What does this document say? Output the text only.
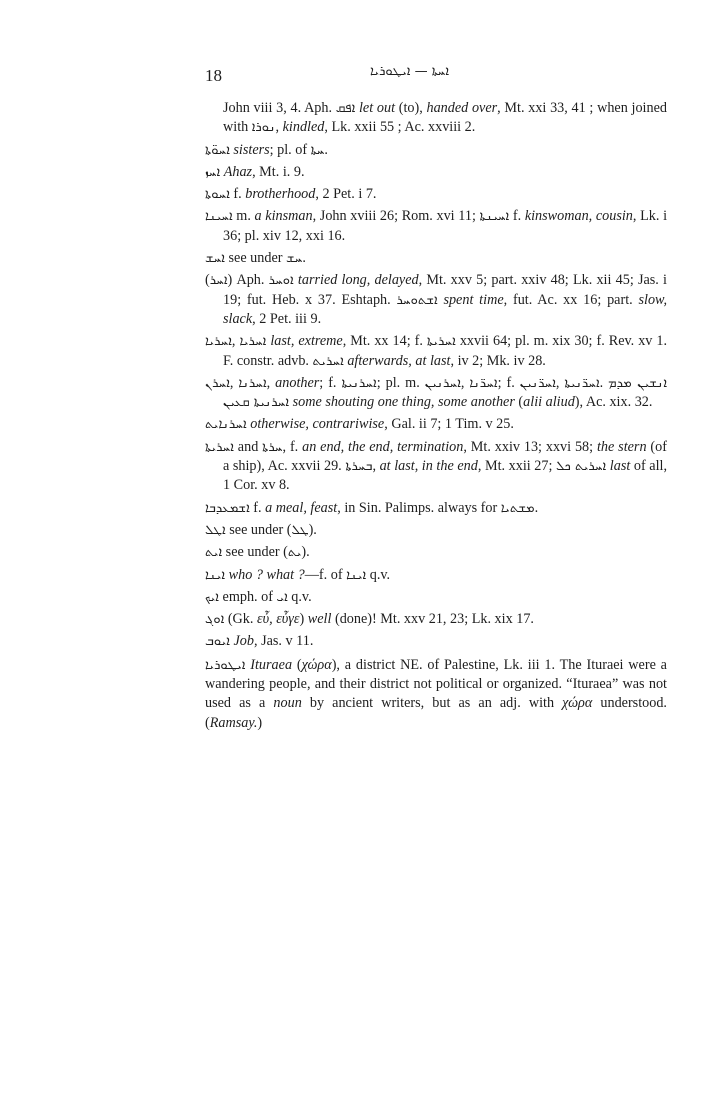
18	ܐܚܬܐ — ܐܝܛܘܪܝܐ

John viii 3, 4. Aph. ܐܦܩ let out (to), handed over, Mt. xxi 33, 41 ; when joined with ܢܘܪܐ, kindled, Lk. xxii 55 ; Ac. xxviii 2.

ܐܚܘ̈ܬܐ sisters; pl. of ܚܬܐ.

ܐܚܙ Ahaz, Mt. i. 9.

ܐܚܘܬܐ f. brotherhood, 2 Pet. i 7.

ܐܚܝܢܐ m. a kinsman, John xviii 26; Rom. xvi 11; ܐܚܝܢܬܐ f. kinswoman, cousin, Lk. i 36; pl. xiv 12, xxi 16.

ܐܚܫ see under ܚܫ.

(ܐܚܪ) Aph. ܐܘܚܪ tarried long, delayed, Mt. xxv 5; part. xxiv 48; Lk. xii 45; Jas. i 19; fut. Heb. x 37. Eshtaph. ܐܫܬܘܚܪ spent time, fut. Ac. xx 16; part. slow, slack, 2 Pet. iii 9.

ܐܚܪܝܐ, ܐܚܪܝܐ last, extreme, Mt. xx 14; f. ܐܚܪܝܬܐ xxvii 64; pl. m. xix 30; f. Rev. xv 1. F. constr. advb. ܐܚܪܝܬ afterwards, at last, iv 2; Mk. iv 28.

ܐܚܪܢ, ܐܚܪܢܐ, another; f. ܐܚܪܢܝܬܐ; pl. m. ܐܚܪܢܝܢ, ܐܚܪ̈ܢܐ; f. ܐܚܪ̈ܢܝܢ, ܐܚܪ̈ܢܝܬܐ. ܐܢܫܝܢ ܡܕܡ ܐܚܪܢܝܬܐ ܩܥܝܢ some shouting one thing, some another (alii aliud), Ac. xix. 32.

ܐܚܪܢܐܝܬ otherwise, contrariwise, Gal. ii 7; 1 Tim. v 25.

ܐܚܪܝܬܐ and ܚܪܬܐ, f. an end, the end, termination, Mt. xxiv 13; xxvi 58; the stern (of a ship), Ac. xxvii 29. ܒܚܪܬܐ, at last, in the end, Mt. xxii 27; ܐܚܪܝܬ ܟܠ last of all, 1 Cor. xv 8.

ܐܫܡܥܕܒܐ f. a meal, feast, in Sin. Palimps. always for ܡܫܬܝܐ.

ܐܛܠ see under (ܛܠ).

ܐܝܬ see under (ܝܬ).

ܐܝܢܐ who ? what ?—f. of ܐܝܢܐ q.v.

ܐܝܟ emph. of ܐܝ q.v.

ܐܘܓ (Gk. εὖ, εὖγε) well (done)! Mt. xxv 21, 23; Lk. xix 17.

ܐܝܘܒ Job, Jas. v 11.

ܐܝܛܘܪܝܐ Ituraea (χώρα), a district NE. of Palestine, Lk. iii 1. The Ituraei were a wandering people, and their district not political or organized. “Ituraea” was not used as a noun by ancient writers, but as an adj. with χώρα understood. (Ramsay.)
